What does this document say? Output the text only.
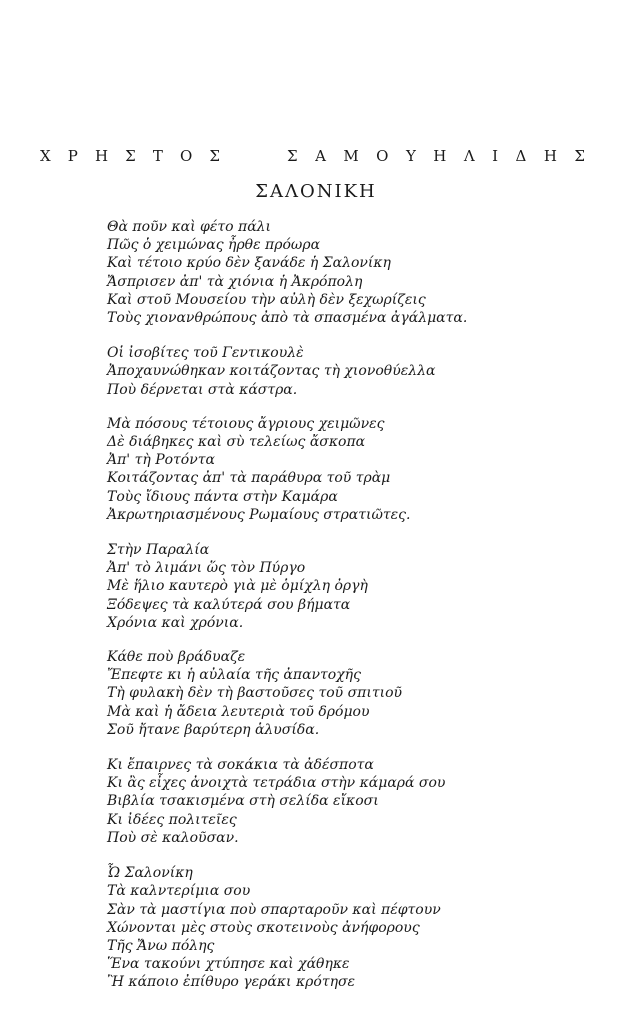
Χ Ρ Η Σ Τ Ο Σ	Σ Α Μ Ο Υ Η Λ Ι Δ Η Σ
ΣΑΛΟΝΙΚΗ
Θὰ ποῦν καὶ φέτο πάλι
Πῶς ὁ χειμώνας ἦρθε πρόωρα
Καὶ τέτοιο κρύο δὲν ξανάδε ἡ Σαλονίκη
Ἄσπρισεν ἀπ' τὰ χιόνια ἡ Ἀκρόπολη
Καὶ στοῦ Μουσείου τὴν αὐλὴ δὲν ξεχωρίζεις
Τοὺς χιονανθρώπους ἀπὸ τὰ σπασμένα ἀγάλματα.
Οἱ ἰσοβίτες τοῦ Γεντικουλὲ
Ἀποχαυνώθηκαν κοιτάζοντας τὴ χιονοθύελλα
Ποὺ δέρνεται στὰ κάστρα.
Μὰ πόσους τέτοιους ἄγριους χειμῶνες
Δὲ διάβηκες καὶ σὺ τελείως ἄσκοπα
Ἀπ' τὴ Ροτόντα
Κοιτάζοντας ἀπ' τὰ παράθυρα τοῦ τρὰμ
Τοὺς ἴδιους πάντα στὴν Καμάρα
Ἀκρωτηριασμένους Ρωμαίους στρατιῶτες.
Στὴν Παραλία
Ἀπ' τὸ λιμάνι ὥς τὸν Πύργο
Μὲ ἥλιο καυτερὸ γιὰ μὲ ὁμίχλη ὀργὴ
Ξόδεψες τὰ καλύτερά σου βήματα
Χρόνια καὶ χρόνια.
Κάθε ποὺ βράδυαζε
Ἔπεφτε κι ἡ αὐλαία τῆς ἀπαντοχῆς
Τὴ φυλακὴ δὲν τὴ βαστοῦσες τοῦ σπιτιοῦ
Μὰ καὶ ἡ ἄδεια λευτεριὰ τοῦ δρόμου
Σοῦ ἤτανε βαρύτερη ἁλυσίδα.
Κι ἔπαιρνες τὰ σοκάκια τὰ ἀδέσποτα
Κι ἂς εἶχες ἀνοιχτὰ τετράδια στὴν κάμαρά σου
Βιβλία τσακισμένα στὴ σελίδα εἴκοσι
Κι ἰδέες πολιτεῖες
Ποὺ σὲ καλοῦσαν.
Ὦ Σαλονίκη
Τὰ καλντερίμια σου
Σὰν τὰ μαστίγια ποὺ σπαρταροῦν καὶ πέφτουν
Χώνονται μὲς στοὺς σκοτεινοὺς ἀνήφορους
Τῆς Ἄνω πόλης
Ἕνα τακούνι χτύπησε καὶ χάθηκε
Ἢ κάποιο ἐπίθυρο γεράκι κρότησε
